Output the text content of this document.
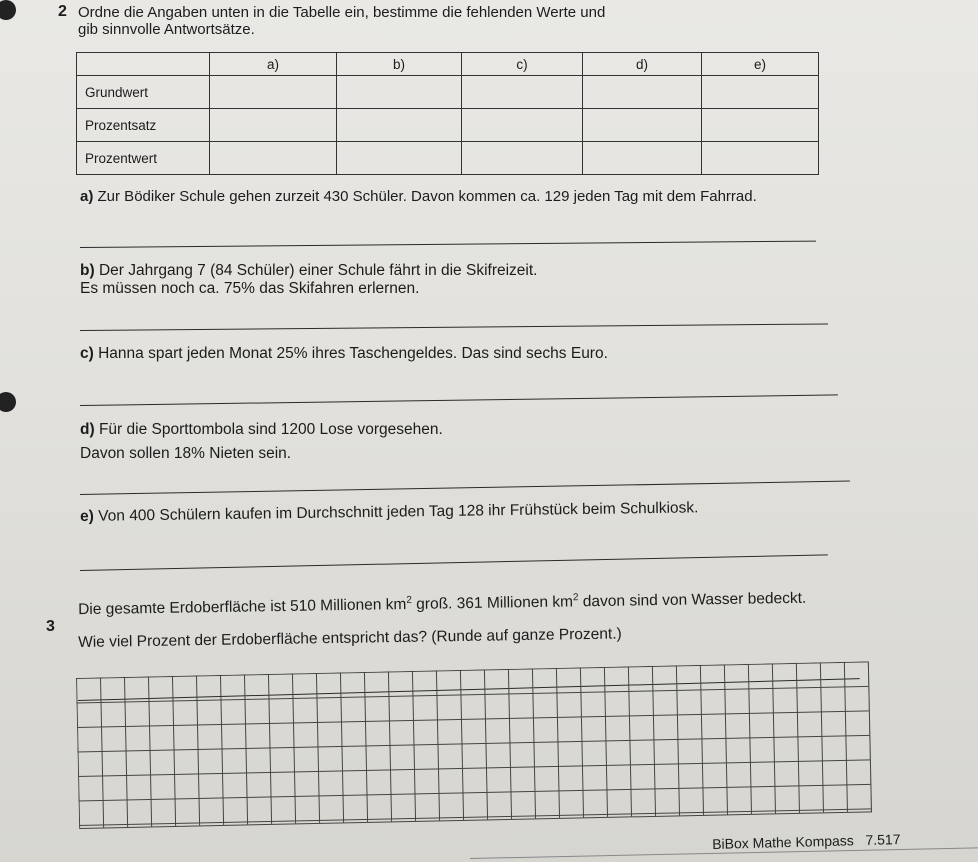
2 Ordne die Angaben unten in die Tabelle ein, bestimme die fehlenden Werte und
gib sinnvolle Antwortsätze.
	a)	b)	c)	d)	e)
Grundwert					
Prozentsatz					
Prozentwert					
a) Zur Bödiker Schule gehen zurzeit 430 Schüler. Davon kommen ca. 129 jeden Tag mit dem Fahrrad.
b) Der Jahrgang 7 (84 Schüler) einer Schule fährt in die Skifreizeit.
Es müssen noch ca. 75% das Skifahren erlernen.
c) Hanna spart jeden Monat 25% ihres Taschengeldes. Das sind sechs Euro.
d) Für die Sporttombola sind 1200 Lose vorgesehen.
Davon sollen 18% Nieten sein.
e) Von 400 Schülern kaufen im Durchschnitt jeden Tag 128 ihr Frühstück beim Schulkiosk.
3
Die gesamte Erdoberfläche ist 510 Millionen $km^2$ groß. 361 Millionen $km^2$ davon sind von Wasser bedeckt.
Wie viel Prozent der Erdoberfläche entspricht das? (Runde auf ganze Prozent.)
BiBox Mathe Kompass   7.517
